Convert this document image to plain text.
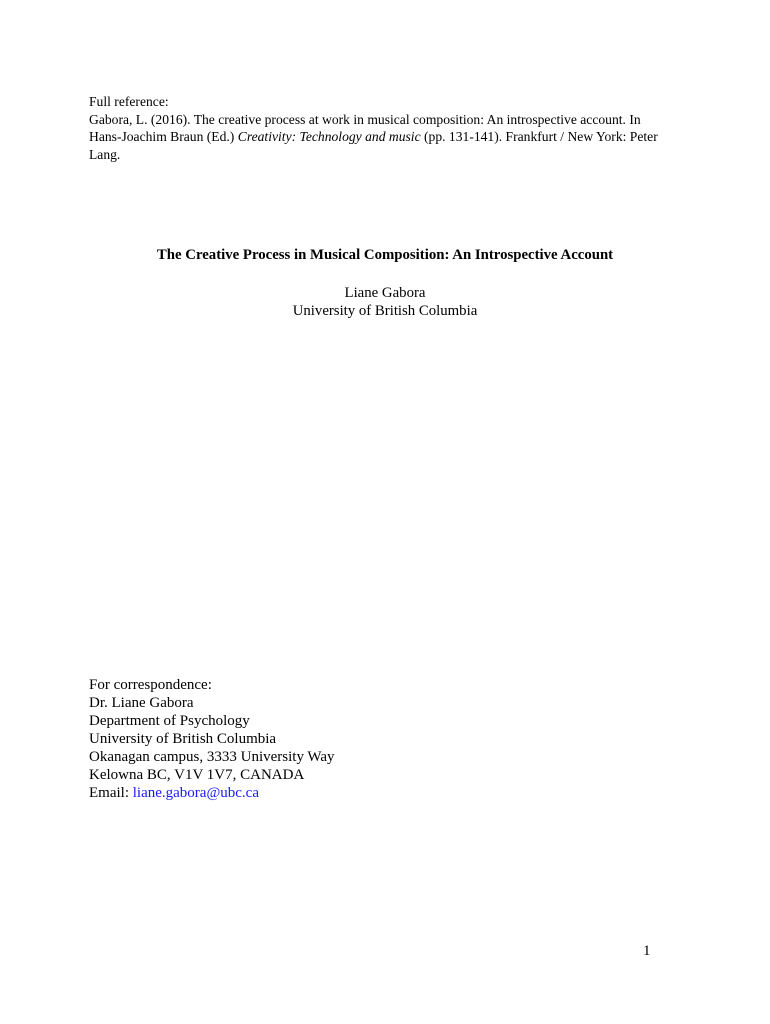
Full reference:
Gabora, L. (2016). The creative process at work in musical composition: An introspective account. In
Hans-Joachim Braun (Ed.) Creativity: Technology and music (pp. 131-141). Frankfurt / New York: Peter
Lang.
The Creative Process in Musical Composition: An Introspective Account
Liane Gabora
University of British Columbia
For correspondence:
Dr. Liane Gabora
Department of Psychology
University of British Columbia
Okanagan campus, 3333 University Way
Kelowna BC, V1V 1V7, CANADA
Email: liane.gabora@ubc.ca
1
